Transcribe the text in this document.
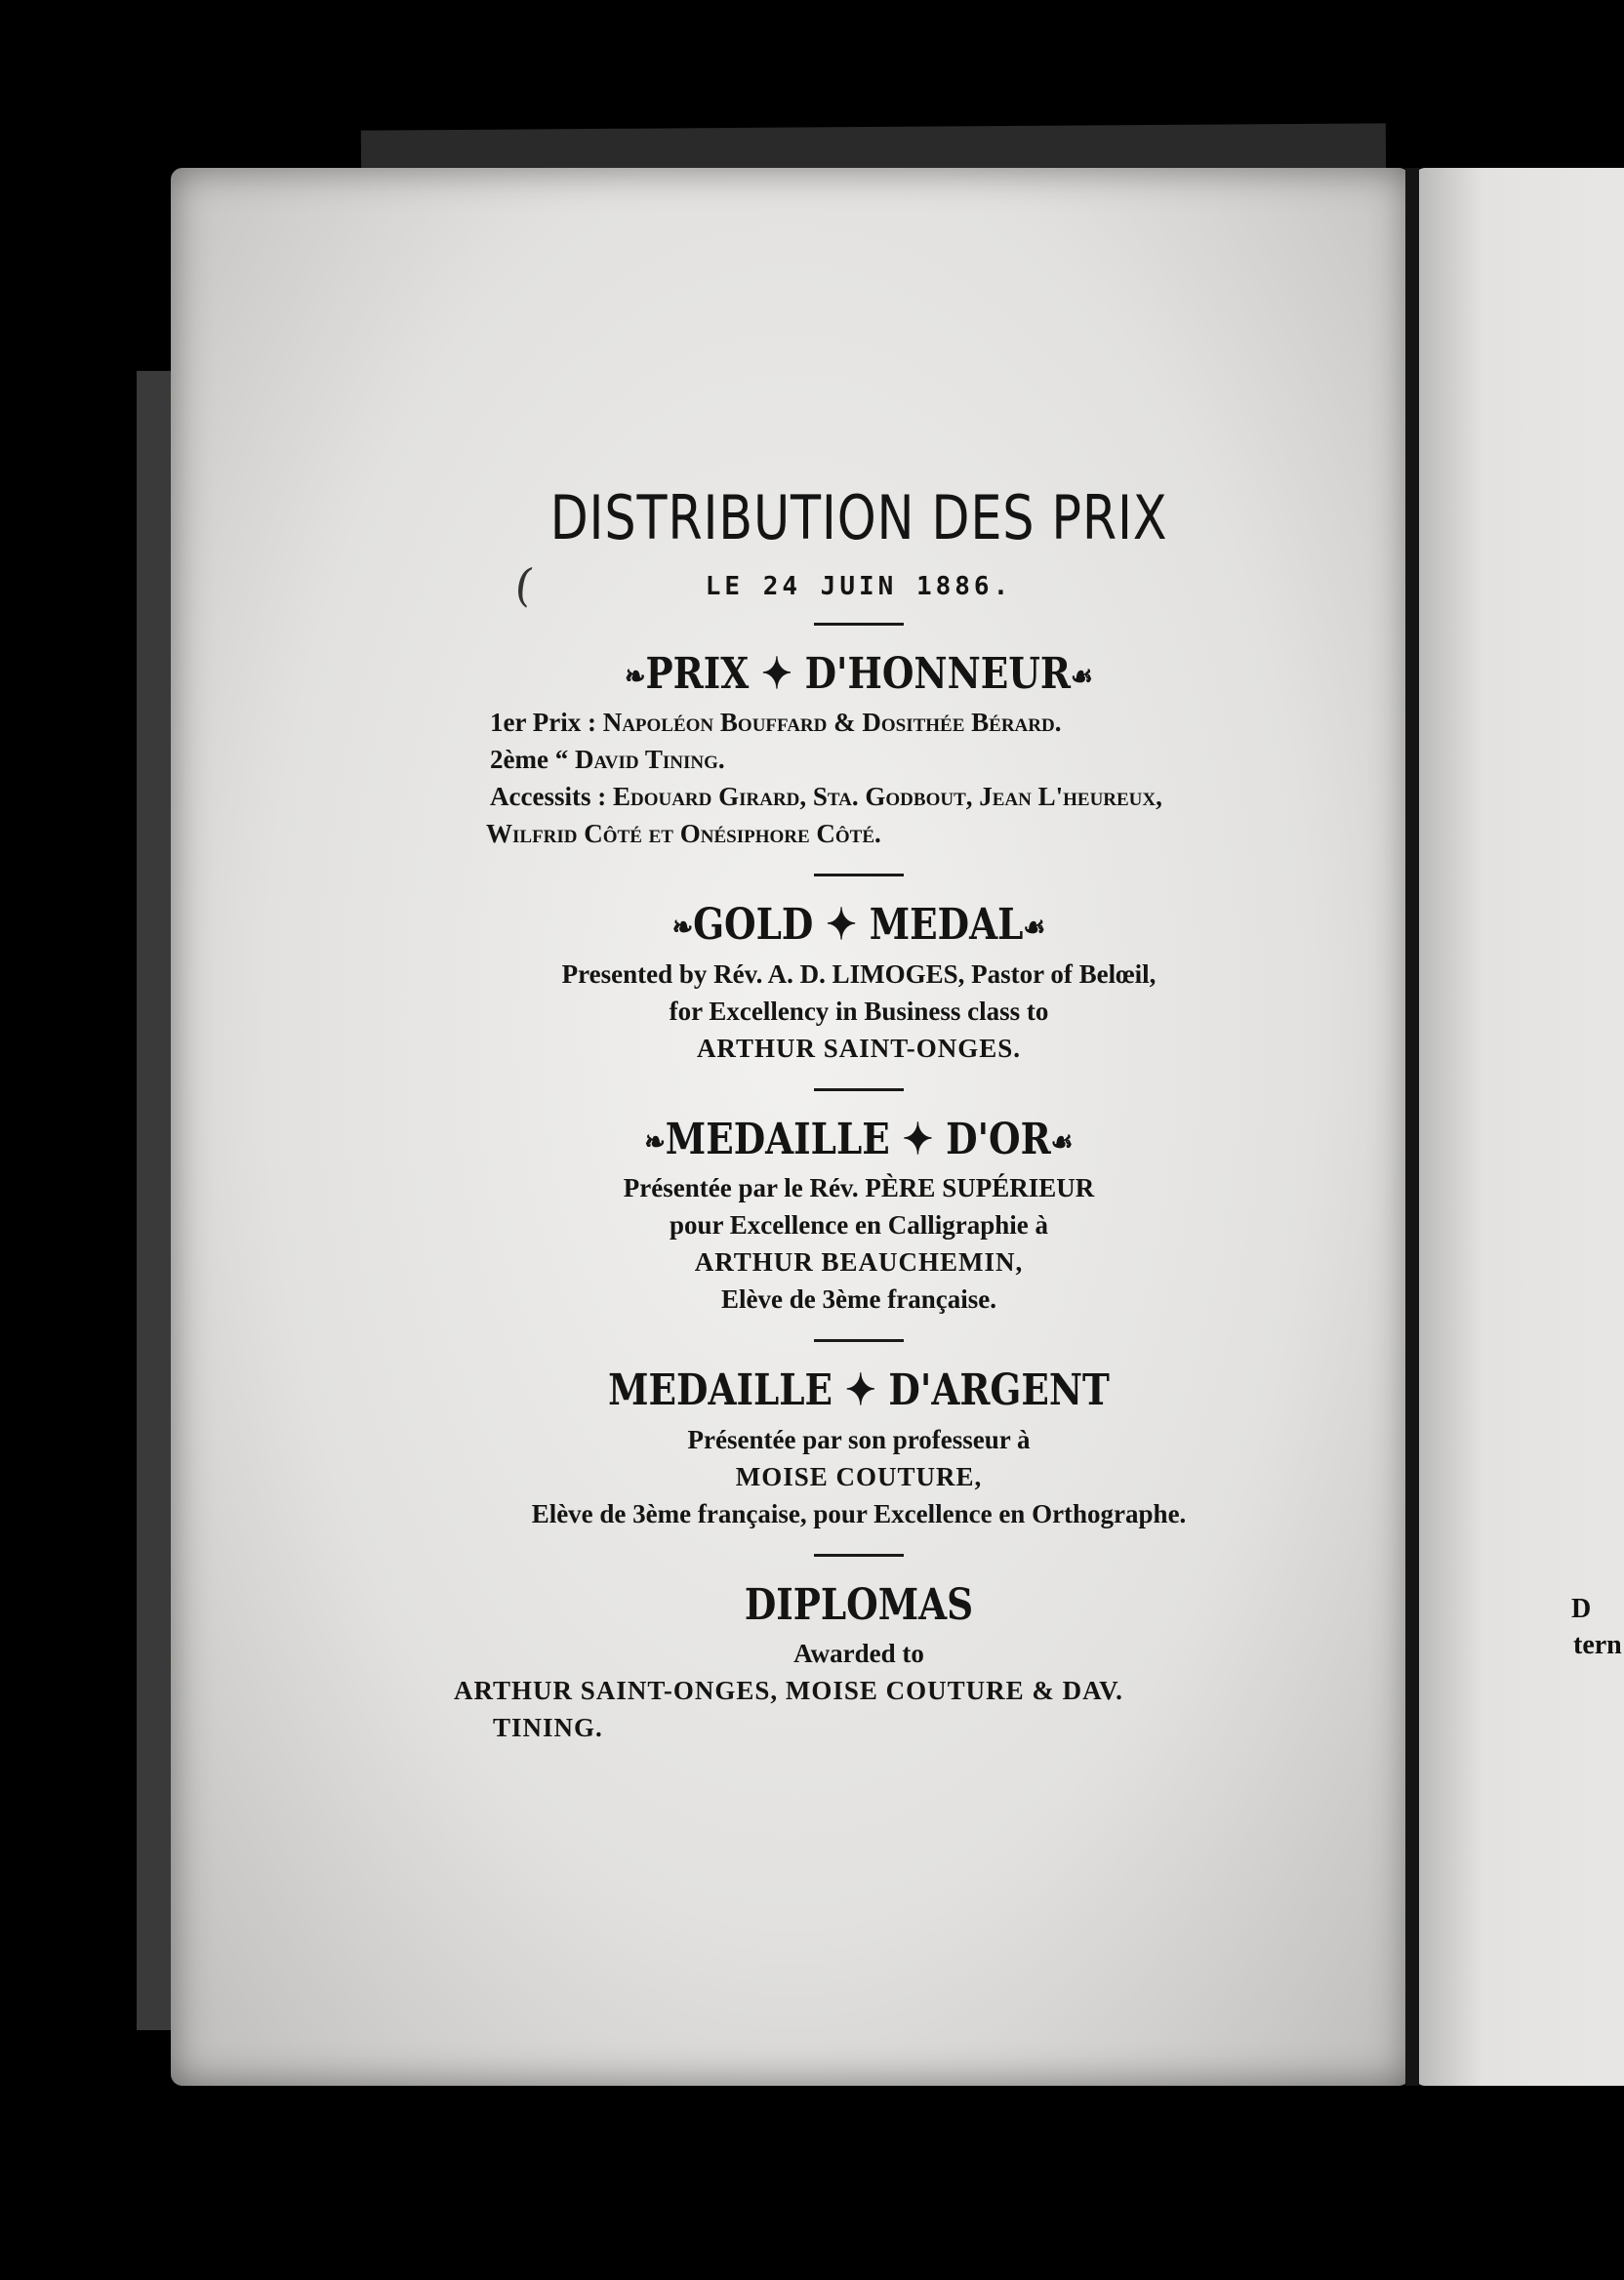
D
tern
(
DISTRIBUTION DES PRIX
LE 24 JUIN 1886.
❧PRIX ✦ D'HONNEUR☙
1er Prix : Napoléon Bouffard & Dosithée Bérard.
2ème “ David Tining.
Accessits : Edouard Girard, Sta. Godbout, Jean L'heureux,
Wilfrid Côté et Onésiphore Côté.
❧GOLD ✦ MEDAL☙
Presented by Rév. A. D. LIMOGES, Pastor of Belœil,
for Excellency in Business class to
ARTHUR SAINT-ONGES.
❧MEDAILLE ✦ D'OR☙
Présentée par le Rév. PÈRE SUPÉRIEUR
pour Excellence en Calligraphie à
ARTHUR BEAUCHEMIN,
Elève de 3ème française.
MEDAILLE ✦ D'ARGENT
Présentée par son professeur à
MOISE COUTURE,
Elève de 3ème française, pour Excellence en Orthographe.
DIPLOMAS
Awarded to
ARTHUR SAINT-ONGES, MOISE COUTURE & DAV.
TINING.
